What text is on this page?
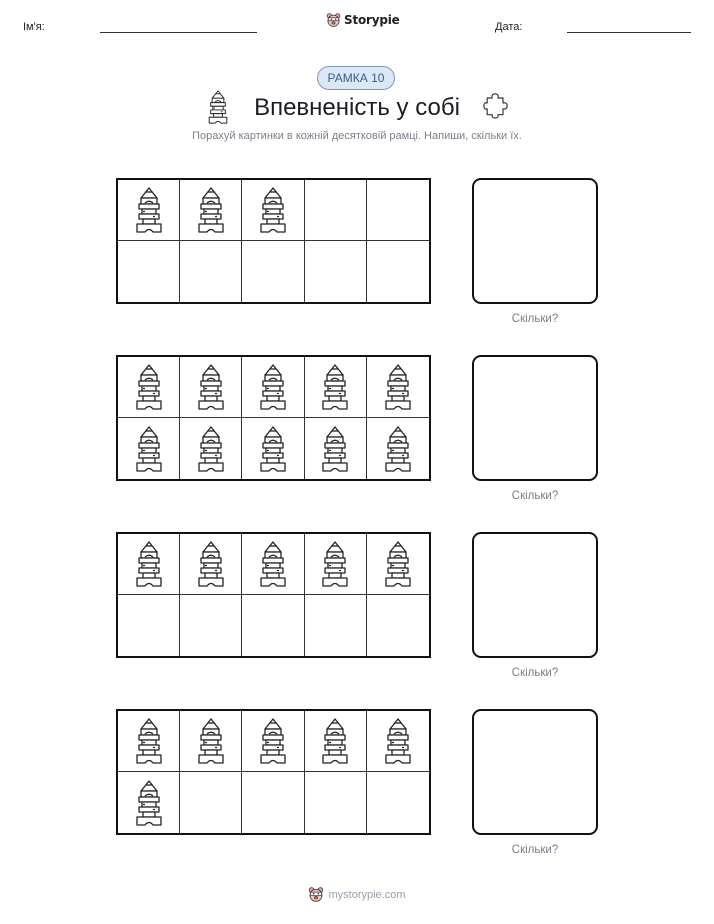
Ім'я:	Storypie	Дата:
РАМКА 10
Впевненість у собі
Порахуй картинки в кожній десятковій рамці. Напиши, скільки їх.
Скільки?
Скільки?
Скільки?
Скільки?
mystorypie.com
